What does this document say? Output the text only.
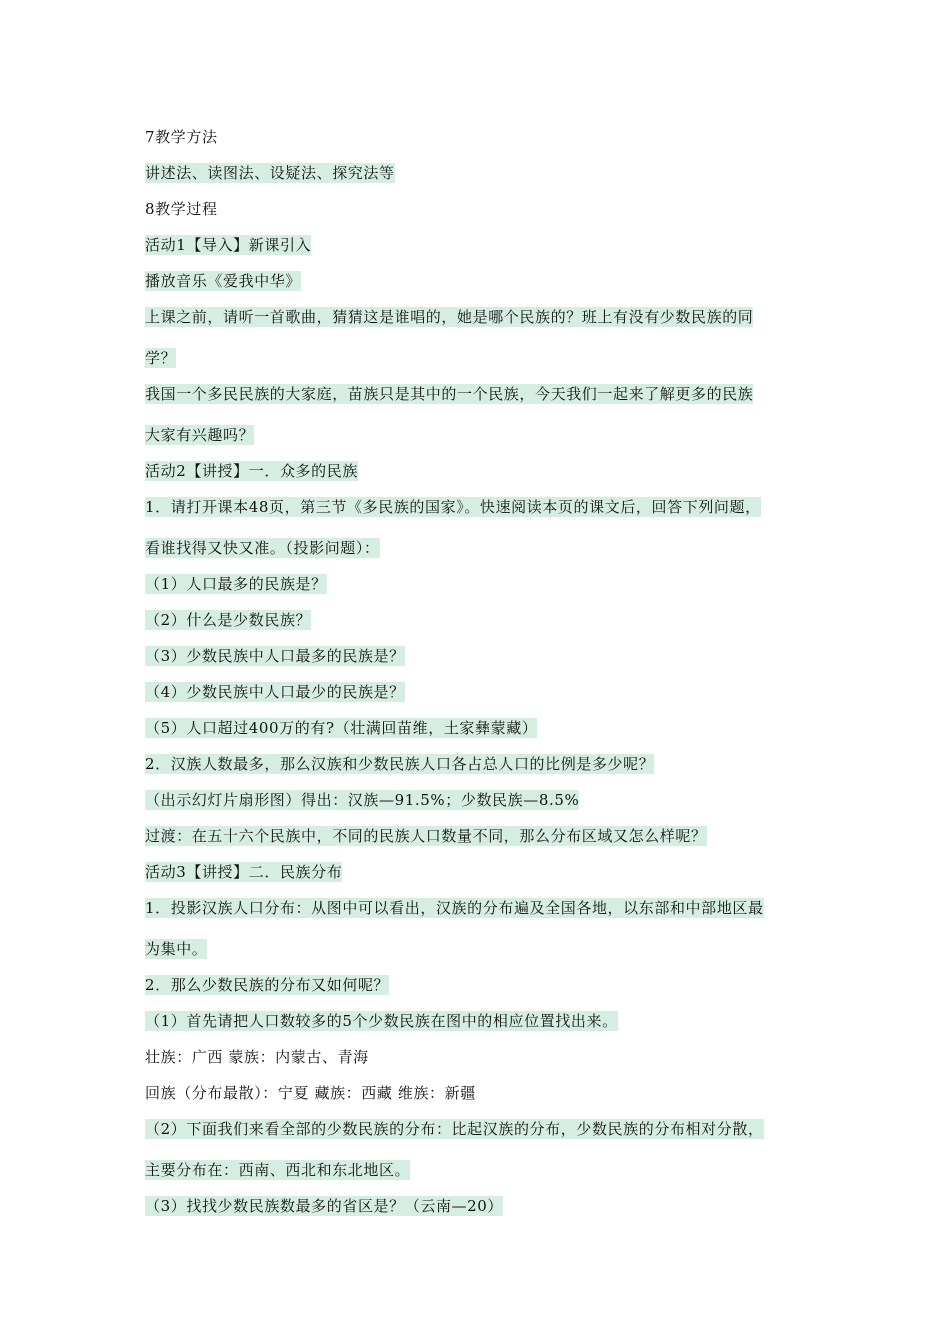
7教学方法
讲述法、读图法、设疑法、探究法等
8教学过程
活动1【导入】新课引入
播放音乐《爱我中华》
上课之前，请听一首歌曲，猜猜这是谁唱的，她是哪个民族的？班上有没有少数民族的同
学？
我国一个多民民族的大家庭，苗族只是其中的一个民族，今天我们一起来了解更多的民族
大家有兴趣吗？
活动2【讲授】一．众多的民族
1．请打开课本48页，第三节《多民族的国家》。快速阅读本页的课文后，回答下列问题，
看谁找得又快又准。（投影问题）：
（1）人口最多的民族是？
（2）什么是少数民族？
（3）少数民族中人口最多的民族是？
（4）少数民族中人口最少的民族是？
（5）人口超过400万的有?（壮满回苗维，土家彝蒙藏）
2．汉族人数最多，那么汉族和少数民族人口各占总人口的比例是多少呢？
（出示幻灯片扇形图）得出：汉族—91.5%；少数民族—8.5%
过渡：在五十六个民族中，不同的民族人口数量不同，那么分布区域又怎么样呢？
活动3【讲授】二．民族分布
1．投影汉族人口分布：从图中可以看出，汉族的分布遍及全国各地，以东部和中部地区最
为集中。
2．那么少数民族的分布又如何呢？
（1）首先请把人口数较多的5个少数民族在图中的相应位置找出来。
壮族：广西 蒙族：内蒙古、青海
回族（分布最散）：宁夏 藏族：西藏 维族：新疆
（2）下面我们来看全部的少数民族的分布：比起汉族的分布，少数民族的分布相对分散，
主要分布在：西南、西北和东北地区。
（3）找找少数民族数最多的省区是？（云南—20）
